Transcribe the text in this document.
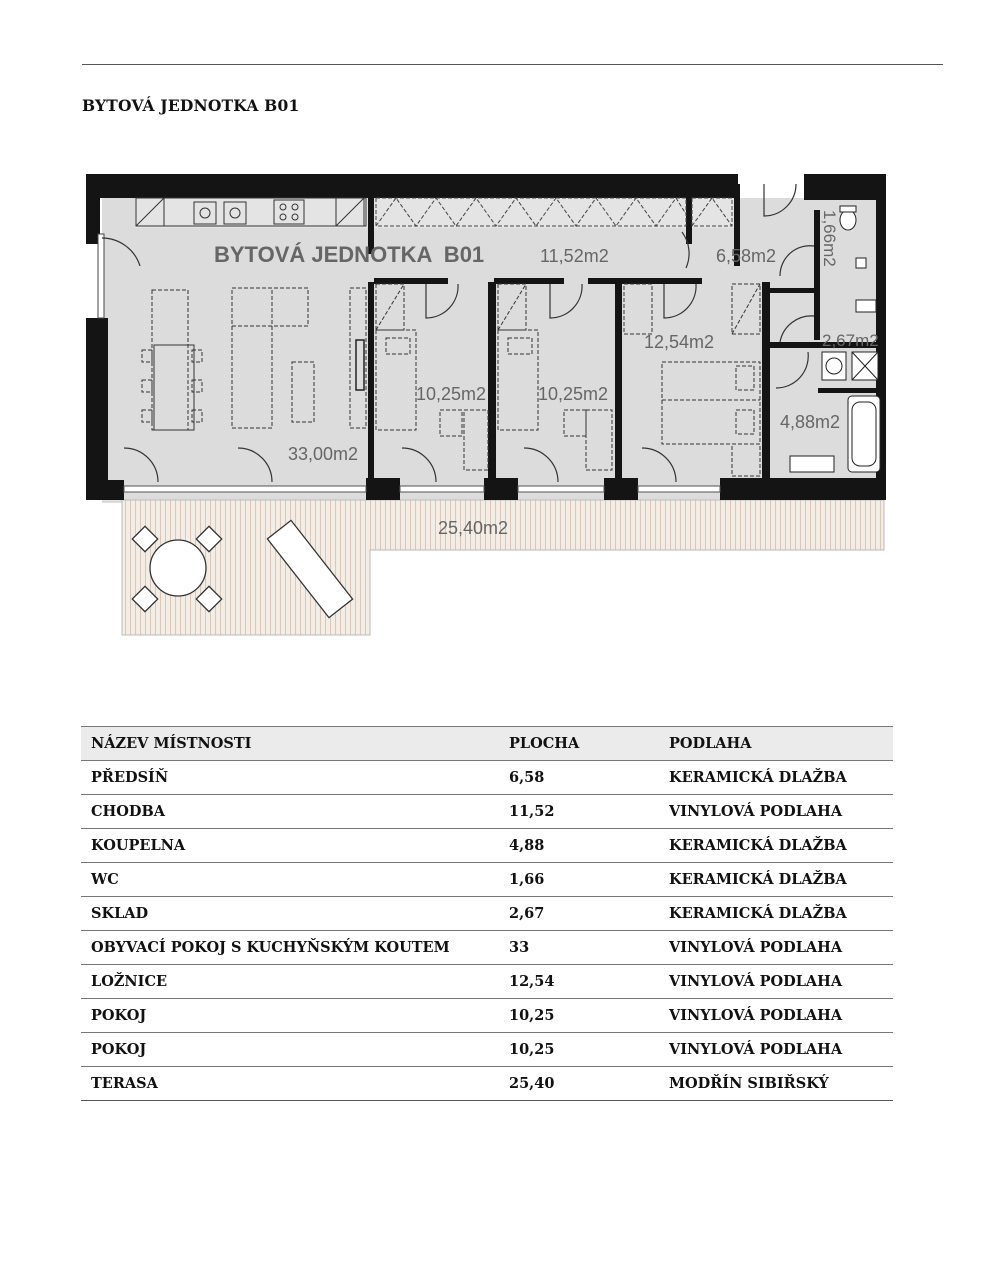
BYTOVÁ JEDNOTKA B01
BYTOVÁ JEDNOTKA  B01	11,52m2	6,58m2	1,66m2
2,67m2
12,54m2
10,25m2	10,25m2
4,88m2
33,00m2
25,40m2
NÁZEV MÍSTNOSTI	PLOCHA	PODLAHA
PŘEDSÍŇ	6,58	KERAMICKÁ DLAŽBA
CHODBA	11,52	VINYLOVÁ PODLAHA
KOUPELNA	4,88	KERAMICKÁ DLAŽBA
WC	1,66	KERAMICKÁ DLAŽBA
SKLAD	2,67	KERAMICKÁ DLAŽBA
OBYVACÍ POKOJ S KUCHYŇSKÝM KOUTEM	33	VINYLOVÁ PODLAHA
LOŽNICE	12,54	VINYLOVÁ PODLAHA
POKOJ	10,25	VINYLOVÁ PODLAHA
POKOJ	10,25	VINYLOVÁ PODLAHA
TERASA	25,40	MODŘÍN SIBIŘSKÝ
